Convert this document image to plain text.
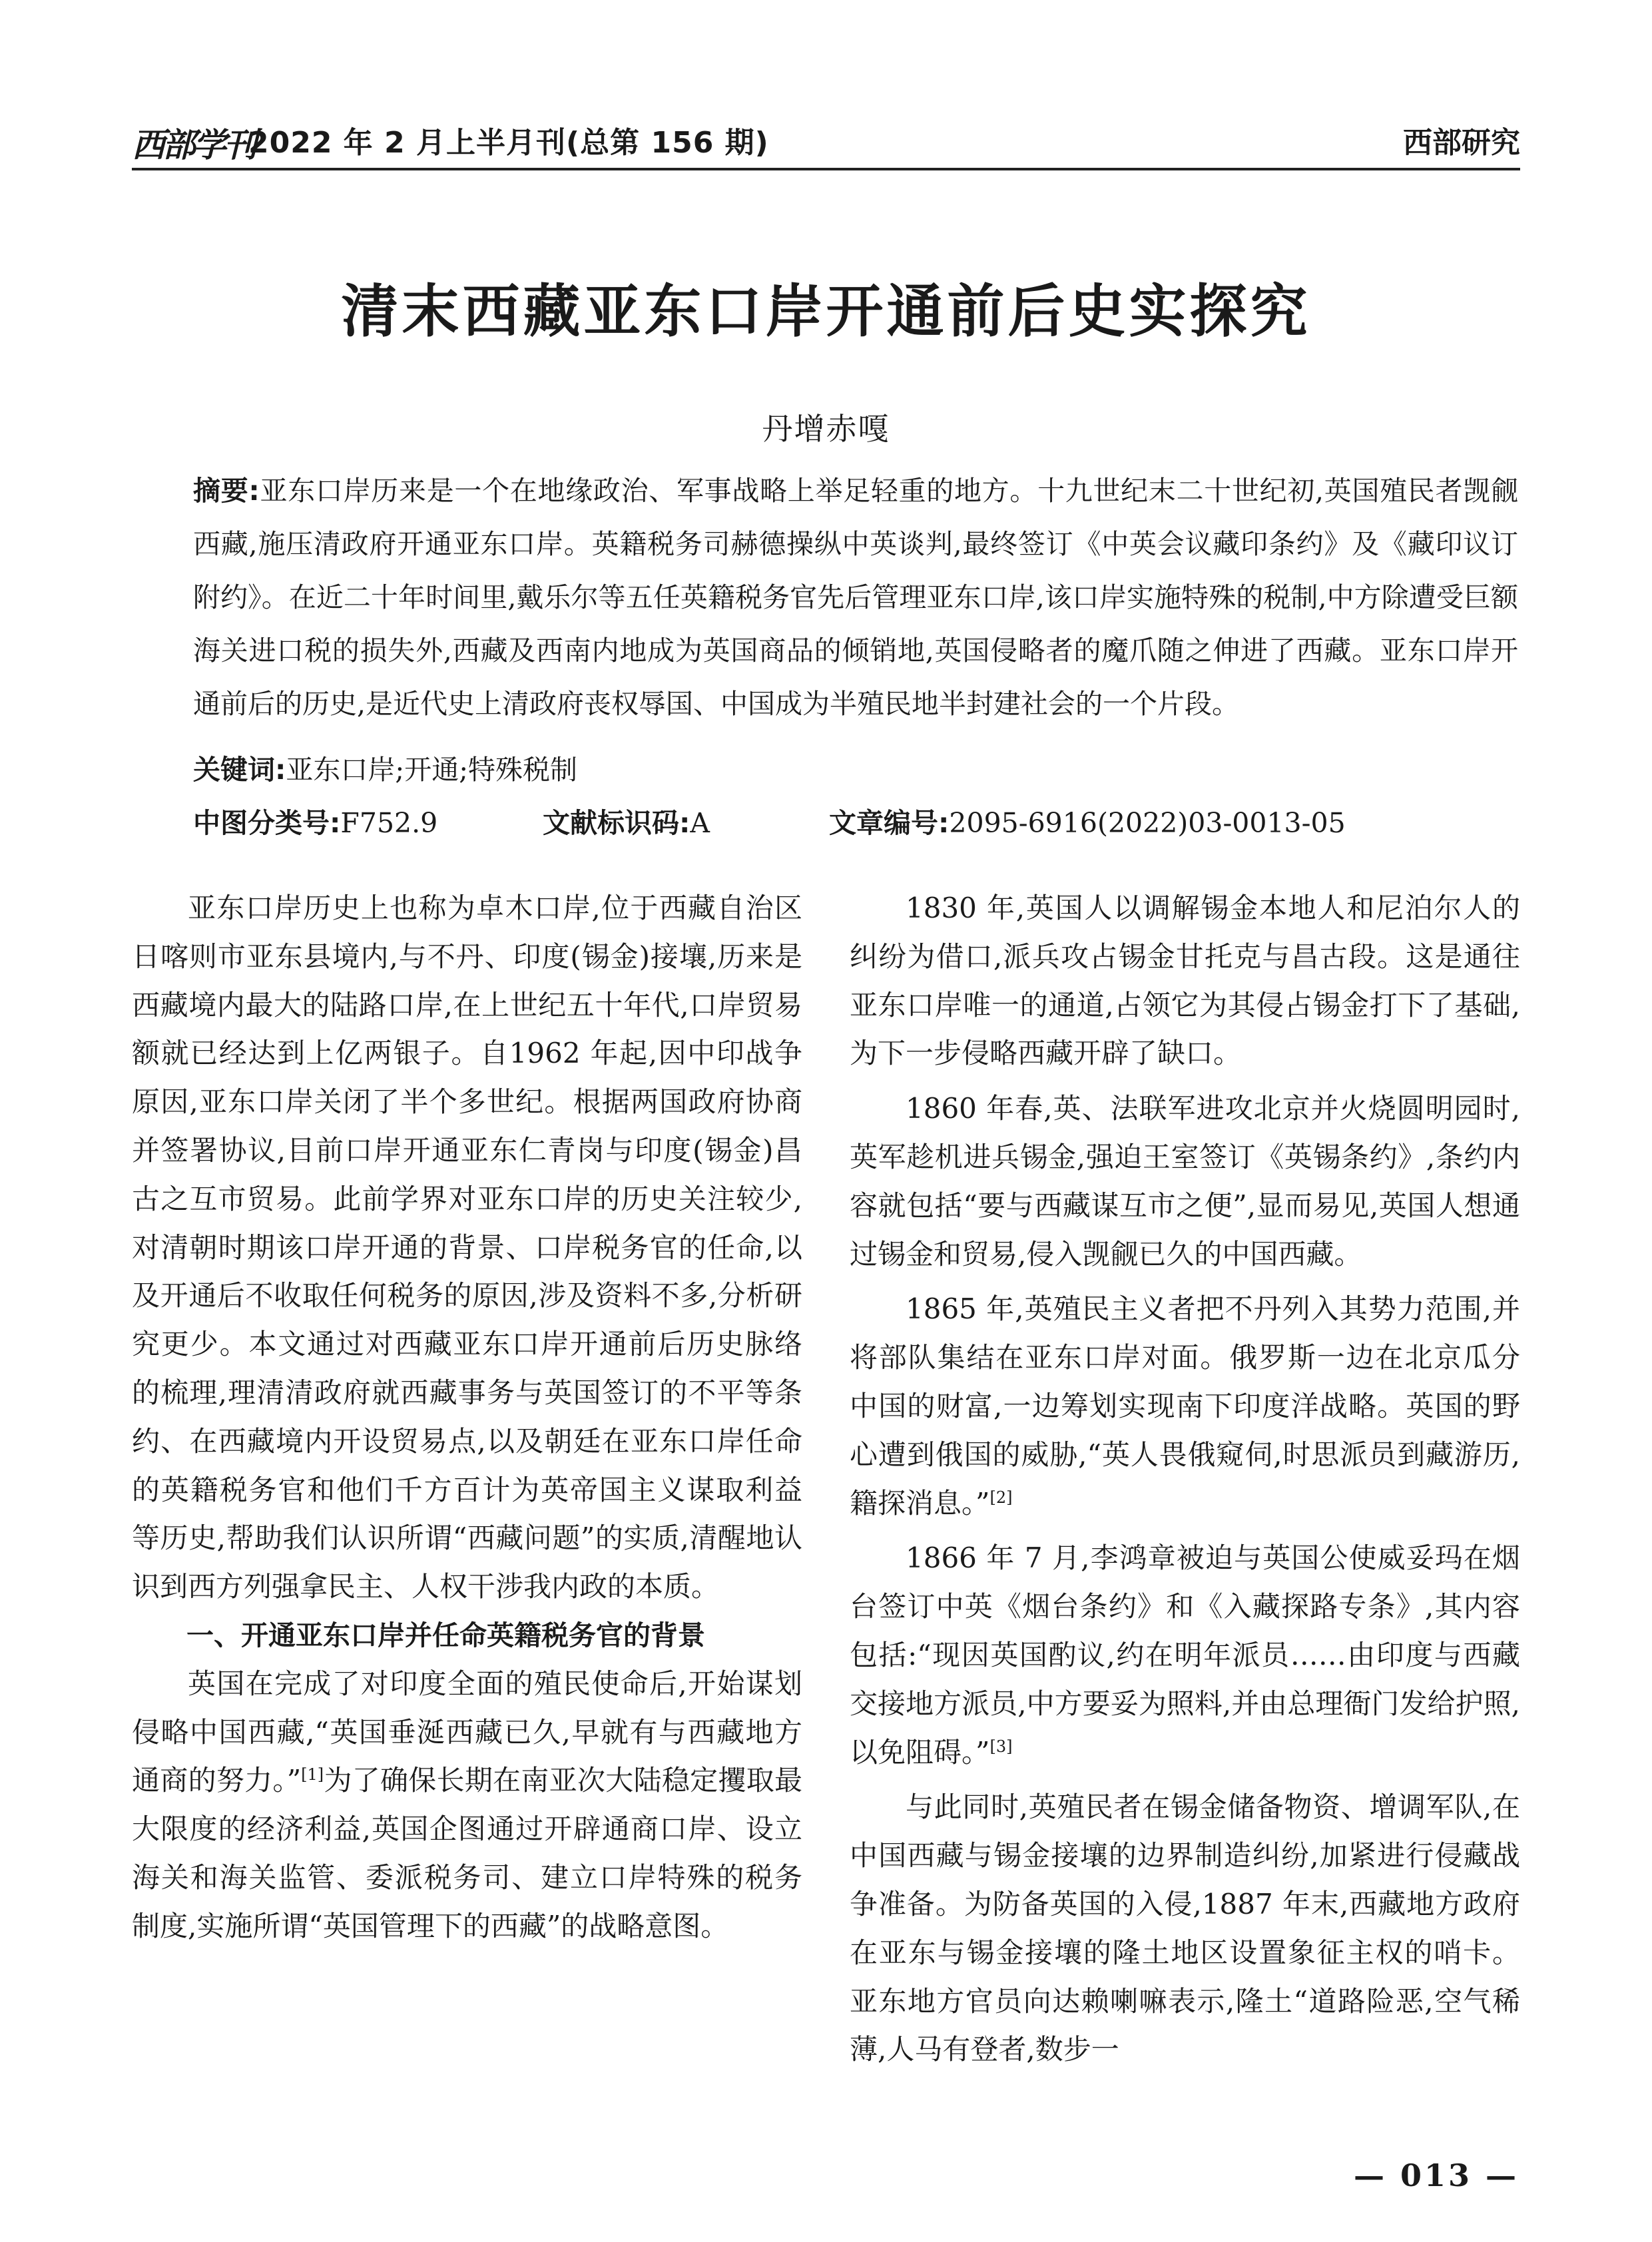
西部学刊
2022 年 2 月上半月刊(总第 156 期)	西部研究
清末西藏亚东口岸开通前后史实探究
丹增赤嘎
摘要:亚东口岸历来是一个在地缘政治、军事战略上举足轻重的地方。十九世纪末二十世纪初,英国殖民者觊觎西藏,施压清政府开通亚东口岸。英籍税务司赫德操纵中英谈判,最终签订《中英会议藏印条约》及《藏印议订附约》。在近二十年时间里,戴乐尔等五任英籍税务官先后管理亚东口岸,该口岸实施特殊的税制,中方除遭受巨额海关进口税的损失外,西藏及西南内地成为英国商品的倾销地,英国侵略者的魔爪随之伸进了西藏。亚东口岸开通前后的历史,是近代史上清政府丧权辱国、中国成为半殖民地半封建社会的一个片段。
关键词:亚东口岸;开通;特殊税制
中图分类号:F752.9	文献标识码:A	文章编号:2095-6916(2022)03-0013-05

亚东口岸历史上也称为卓木口岸,位于西藏自治区日喀则市亚东县境内,与不丹、印度(锡金)接壤,历来是西藏境内最大的陆路口岸,在上世纪五十年代,口岸贸易额就已经达到上亿两银子。自1962 年起,因中印战争原因,亚东口岸关闭了半个多世纪。根据两国政府协商并签署协议,目前口岸开通亚东仁青岗与印度(锡金)昌古之互市贸易。此前学界对亚东口岸的历史关注较少,对清朝时期该口岸开通的背景、口岸税务官的任命,以及开通后不收取任何税务的原因,涉及资料不多,分析研究更少。本文通过对西藏亚东口岸开通前后历史脉络的梳理,理清清政府就西藏事务与英国签订的不平等条约、在西藏境内开设贸易点,以及朝廷在亚东口岸任命的英籍税务官和他们千方百计为英帝国主义谋取利益等历史,帮助我们认识所谓“西藏问题”的实质,清醒地认识到西方列强拿民主、人权干涉我内政的本质。

一、开通亚东口岸并任命英籍税务官的背景

英国在完成了对印度全面的殖民使命后,开始谋划侵略中国西藏,“英国垂涎西藏已久,早就有与西藏地方通商的努力。”[1]为了确保长期在南亚次大陆稳定攫取最大限度的经济利益,英国企图通过开辟通商口岸、设立海关和海关监管、委派税务司、建立口岸特殊的税务制度,实施所谓“英国管理下的西藏”的战略意图。

1830 年,英国人以调解锡金本地人和尼泊尔人的纠纷为借口,派兵攻占锡金甘托克与昌古段。这是通往亚东口岸唯一的通道,占领它为其侵占锡金打下了基础,为下一步侵略西藏开辟了缺口。

1860 年春,英、法联军进攻北京并火烧圆明园时,英军趁机进兵锡金,强迫王室签订《英锡条约》,条约内容就包括“要与西藏谋互市之便”,显而易见,英国人想通过锡金和贸易,侵入觊觎已久的中国西藏。

1865 年,英殖民主义者把不丹列入其势力范围,并将部队集结在亚东口岸对面。俄罗斯一边在北京瓜分中国的财富,一边筹划实现南下印度洋战略。英国的野心遭到俄国的威胁,“英人畏俄窥伺,时思派员到藏游历,籍探消息。”[2]

1866 年 7 月,李鸿章被迫与英国公使威妥玛在烟台签订中英《烟台条约》和《入藏探路专条》,其内容包括:“现因英国酌议,约在明年派员……由印度与西藏交接地方派员,中方要妥为照料,并由总理衙门发给护照,以免阻碍。”[3]

与此同时,英殖民者在锡金储备物资、增调军队,在中国西藏与锡金接壤的边界制造纠纷,加紧进行侵藏战争准备。为防备英国的入侵,1887 年末,西藏地方政府在亚东与锡金接壤的隆土地区设置象征主权的哨卡。亚东地方官员向达赖喇嘛表示,隆土“道路险恶,空气稀薄,人马有登者,数步一

— 013 —
